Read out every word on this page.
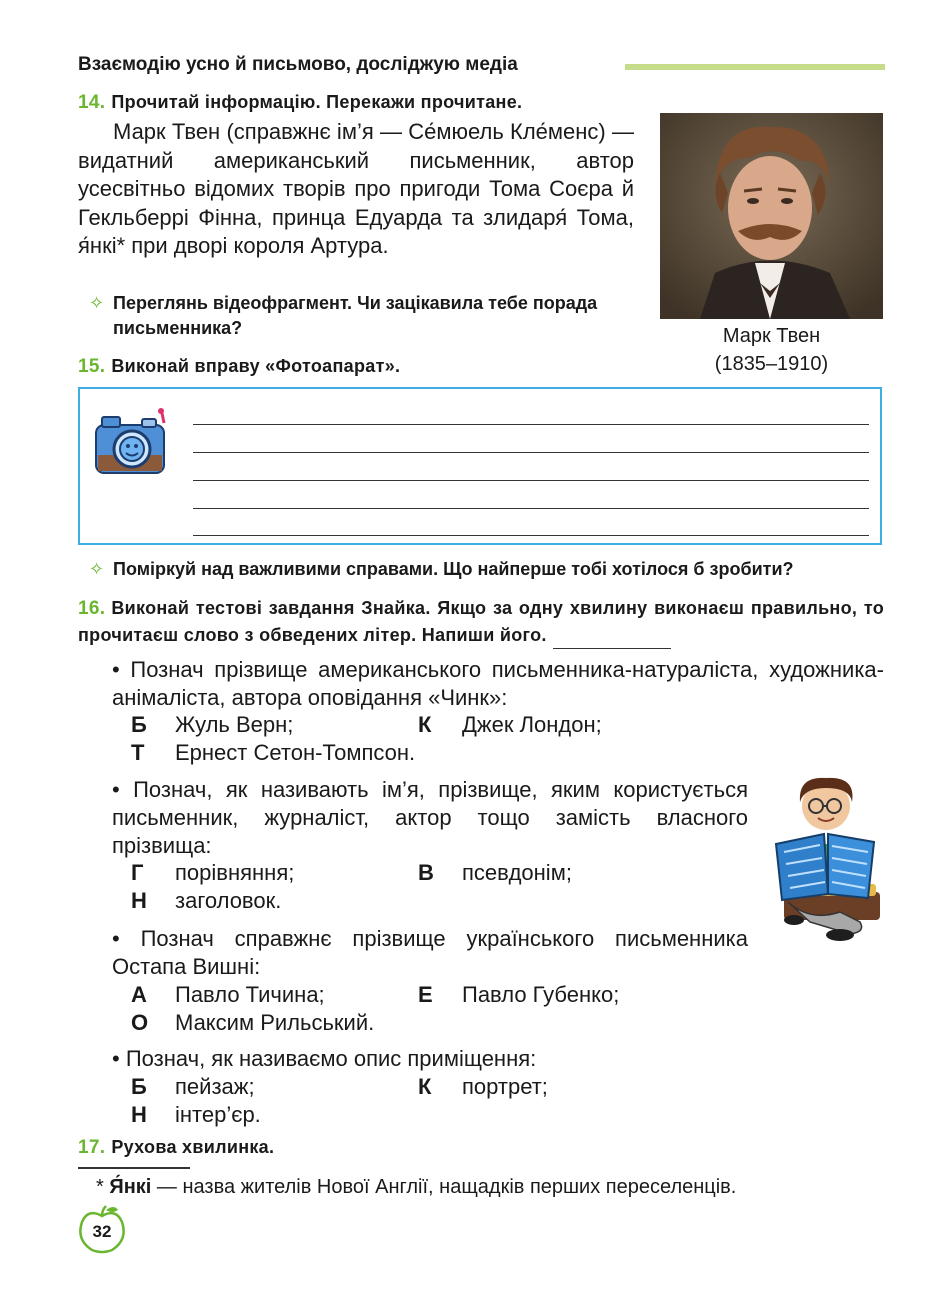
Взаємодію усно й письмово, досліджую медіа
14. Прочитай інформацію. Перекажи прочитане.
Марк Твен (справжнє ім’я — Се́мюель Кле́менс) — видатний американський письменник, автор усесвітньо відомих творів про пригоди Тома Соєра й Гекльберрі Фінна, принца Едуарда та злидаря́ Тома, я́нкі* при дворі короля Артура.
✧ Переглянь відеофрагмент. Чи зацікавила тебе порада письменника?	Марк Твен
(1835–1910)
15. Виконай вправу «Фотоапарат».
✧ Поміркуй над важливими справами. Що найперше тобі хотілося б зробити?
16. Виконай тестові завдання Знайка. Якщо за одну хвилину виконаєш правильно, то прочитаєш слово з обведених літер. Напиши його.
• Познач прізвище американського письменника-натураліста, художника-анімаліста, автора оповідання «Чинк»:
Б Жуль Верн;	К Джек Лондон;
Т Ернест Сетон-Томпсон.
• Познач, як називають ім’я, прізвище, яким користується письменник, журналіст, актор тощо замість власного прізвища:
Г порівняння;	В псевдонім;
Н заголовок.
• Познач справжнє прізвище українського письменника Остапа Вишні:
А Павло Тичина;	Е Павло Губенко;
О Максим Рильський.
• Познач, як називаємо опис приміщення:
Б пейзаж;	К портрет;
Н інтер’єр.
17. Рухова хвилинка.
* Я́нкі — назва жителів Нової Англії, нащадків перших переселенців.
32
